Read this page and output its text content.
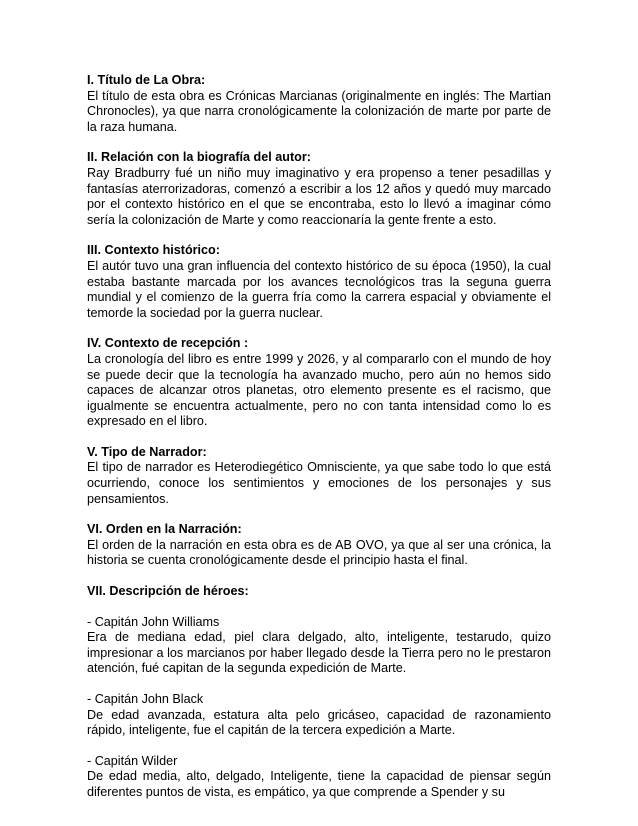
I. Título de La Obra:

El título de esta obra es Crónicas Marcianas (originalmente en inglés: The Martian Chronocles), ya que narra cronológicamente la colonización de marte por parte de la raza humana.

II. Relación con la biografía del autor:

Ray Bradburry fué un niño muy imaginativo y era propenso a tener pesadillas y fantasías aterrorizadoras, comenzó a escribir a los 12 años y quedó muy marcado por el contexto histórico en el que se encontraba, esto lo llevó a imaginar cómo sería la colonización de Marte y como reaccionaría la gente frente a esto.

III. Contexto histórico:

El autór tuvo una gran influencia del contexto histórico de su época (1950), la cual estaba bastante marcada por los avances tecnológicos tras la seguna guerra mundial y el comienzo de la guerra fría como la carrera espacial y obviamente el temorde la sociedad por la guerra nuclear.

IV. Contexto de recepción :

La cronología del libro es entre 1999 y 2026, y al compararlo con el mundo de hoy se puede decir que la tecnología ha avanzado mucho, pero aún no hemos sido capaces de alcanzar otros planetas, otro elemento presente es el racismo, que igualmente se encuentra actualmente, pero no con tanta intensidad como lo es expresado en el libro.

V. Tipo de Narrador:

El tipo de narrador es Heterodiegético Omnisciente, ya que sabe todo lo que está ocurriendo, conoce los sentimientos y emociones de los personajes y sus pensamientos.

VI. Orden en la Narración:

El orden de la narración en esta obra es de AB OVO, ya que al ser una crónica, la historia se cuenta cronológicamente desde el principio hasta el final.

VII. Descripción de héroes:

- Capitán John Williams

Era de mediana edad, piel clara delgado, alto, inteligente, testarudo, quizo impresionar a los marcianos por haber llegado desde la Tierra pero no le prestaron atención, fué capitan de la segunda expedición de Marte.

- Capitán John Black

De edad avanzada, estatura alta pelo gricáseo, capacidad de razonamiento rápido, inteligente, fue el capitán de la tercera expedición a Marte.

- Capitán Wilder

De edad media, alto, delgado, Inteligente, tiene la capacidad de piensar según diferentes puntos de vista, es empático, ya que comprende a Spender y su
